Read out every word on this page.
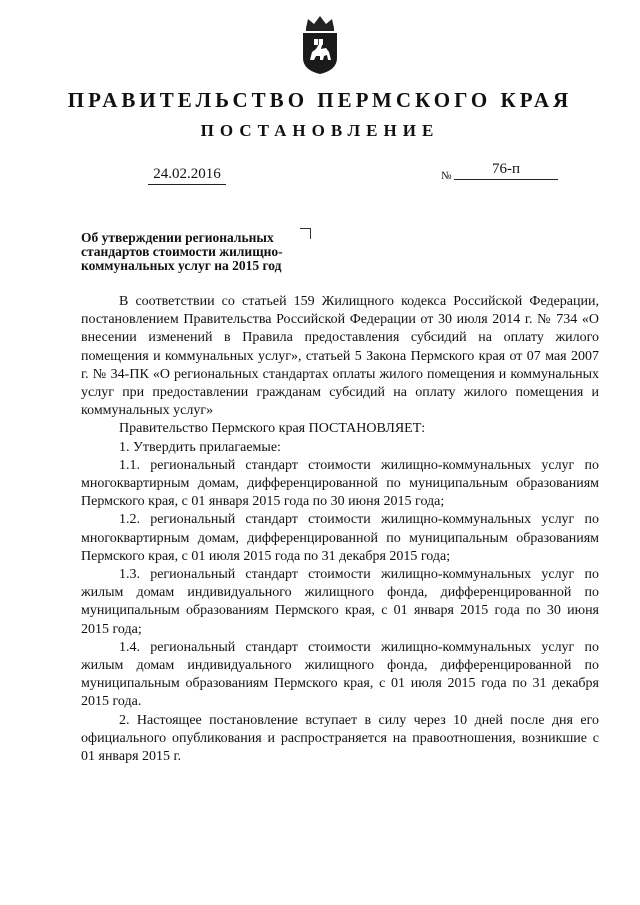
ПРАВИТЕЛЬСТВО ПЕРМСКОГО КРАЯ
ПОСТАНОВЛЕНИЕ
24.02.2016	№	76-п
Об утверждении региональных стандартов стоимости жилищно-коммунальных услуг на 2015 год

В соответствии со статьей 159 Жилищного кодекса Российской Федерации, постановлением Правительства Российской Федерации от 30 июля 2014 г. № 734 «О внесении изменений в Правила предоставления субсидий на оплату жилого помещения и коммунальных услуг», статьей 5 Закона Пермского края от 07 мая 2007 г. № 34-ПК «О региональных стандартах оплаты жилого помещения и коммунальных услуг при предоставлении гражданам субсидий на оплату жилого помещения и коммунальных услуг»

Правительство Пермского края ПОСТАНОВЛЯЕТ:

1. Утвердить прилагаемые:

1.1. региональный стандарт стоимости жилищно-коммунальных услуг по многоквартирным домам, дифференцированной по муниципальным образованиям Пермского края, с 01 января 2015 года по 30 июня 2015 года;

1.2. региональный стандарт стоимости жилищно-коммунальных услуг по многоквартирным домам, дифференцированной по муниципальным образованиям Пермского края, с 01 июля 2015 года по 31 декабря 2015 года;

1.3. региональный стандарт стоимости жилищно-коммунальных услуг по жилым домам индивидуального жилищного фонда, дифференцированной по муниципальным образованиям Пермского края, с 01 января 2015 года по 30 июня 2015 года;

1.4. региональный стандарт стоимости жилищно-коммунальных услуг по жилым домам индивидуального жилищного фонда, дифференцированной по муниципальным образованиям Пермского края, с 01 июля 2015 года по 31 декабря 2015 года.

2. Настоящее постановление вступает в силу через 10 дней после дня его официального опубликования и распространяется на правоотношения, возникшие с 01 января 2015 г.
